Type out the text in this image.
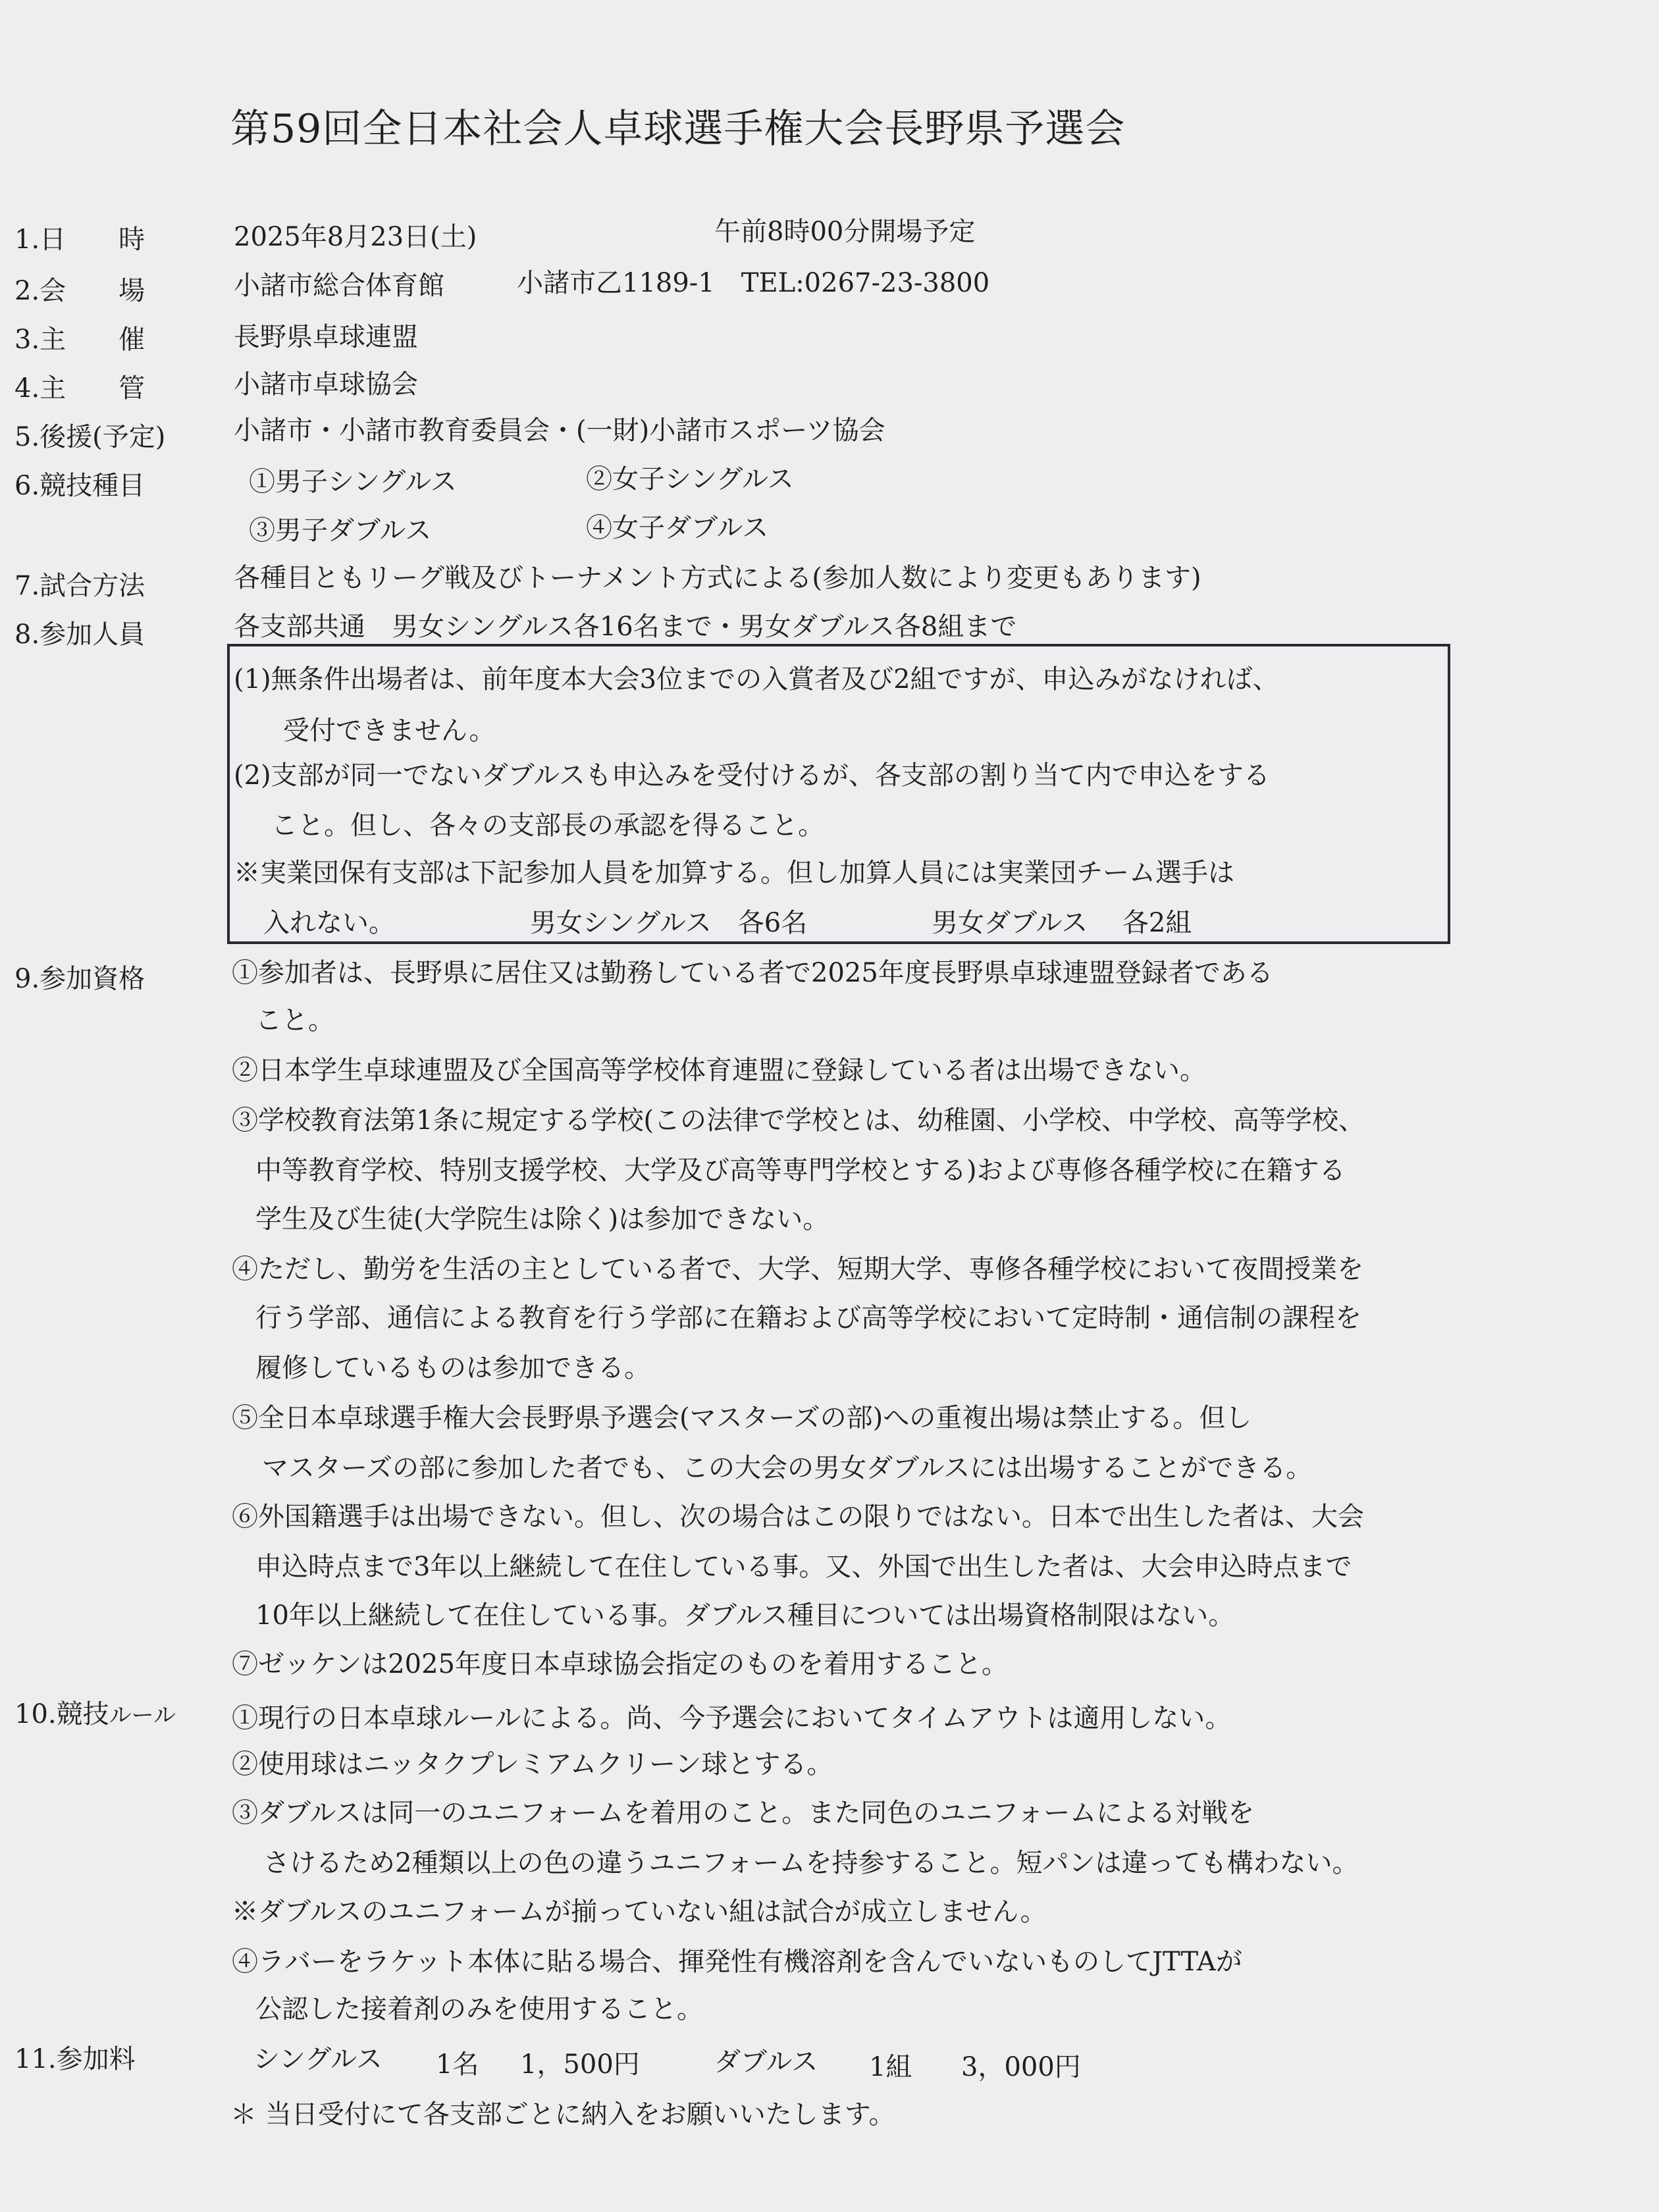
第59回全日本社会人卓球選手権大会長野県予選会
1.日　　時	2025年8月23日(土)	午前8時00分開場予定
2.会　　場	小諸市総合体育館	小諸市乙1189-1　TEL:0267-23-3800
3.主　　催	長野県卓球連盟
4.主　　管	小諸市卓球協会
5.後援(予定)	小諸市・小諸市教育委員会・(一財)小諸市スポーツ協会
6.競技種目	①男子シングルス	②女子シングルス
③男子ダブルス	④女子ダブルス
7.試合方法	各種目ともリーグ戦及びトーナメント方式による(参加人数により変更もあります)
8.参加人員	各支部共通　男女シングルス各16名まで・男女ダブルス各8組まで
(1)無条件出場者は、前年度本大会3位までの入賞者及び2組ですが、申込みがなければ、
受付できません。
(2)支部が同一でないダブルスも申込みを受付けるが、各支部の割り当て内で申込をする
こと。但し、各々の支部長の承認を得ること。
※実業団保有支部は下記参加人員を加算する。但し加算人員には実業団チーム選手は
入れない。	男女シングルス　各6名	男女ダブルス　 各2組
9.参加資格	①参加者は、長野県に居住又は勤務している者で2025年度長野県卓球連盟登録者である
こと。
②日本学生卓球連盟及び全国高等学校体育連盟に登録している者は出場できない。
③学校教育法第1条に規定する学校(この法律で学校とは、幼稚園、小学校、中学校、高等学校、
中等教育学校、特別支援学校、大学及び高等専門学校とする)および専修各種学校に在籍する
学生及び生徒(大学院生は除く)は参加できない。
④ただし、勤労を生活の主としている者で、大学、短期大学、専修各種学校において夜間授業を
行う学部、通信による教育を行う学部に在籍および高等学校において定時制・通信制の課程を
履修しているものは参加できる。
⑤全日本卓球選手権大会長野県予選会(マスターズの部)への重複出場は禁止する。但し
マスターズの部に参加した者でも、この大会の男女ダブルスには出場することができる。
⑥外国籍選手は出場できない。但し、次の場合はこの限りではない。日本で出生した者は、大会
申込時点まで3年以上継続して在住している事。又、外国で出生した者は、大会申込時点まで
10年以上継続して在住している事。ダブルス種目については出場資格制限はない。
⑦ゼッケンは2025年度日本卓球協会指定のものを着用すること。
10.競技ルール ①現行の日本卓球ルールによる。尚、今予選会においてタイムアウトは適用しない。
②使用球はニッタクプレミアムクリーン球とする。
③ダブルスは同一のユニフォームを着用のこと。また同色のユニフォームによる対戦を
さけるため2種類以上の色の違うユニフォームを持参すること。短パンは違っても構わない。
※ダブルスのユニフォームが揃っていない組は試合が成立しません。
④ラバーをラケット本体に貼る場合、揮発性有機溶剤を含んでいないものしてJTTAが
公認した接着剤のみを使用すること。
11.参加料	シングルス 1名 1，500円	ダブルス 1組 3，000円
＊ 当日受付にて各支部ごとに納入をお願いいたします。
